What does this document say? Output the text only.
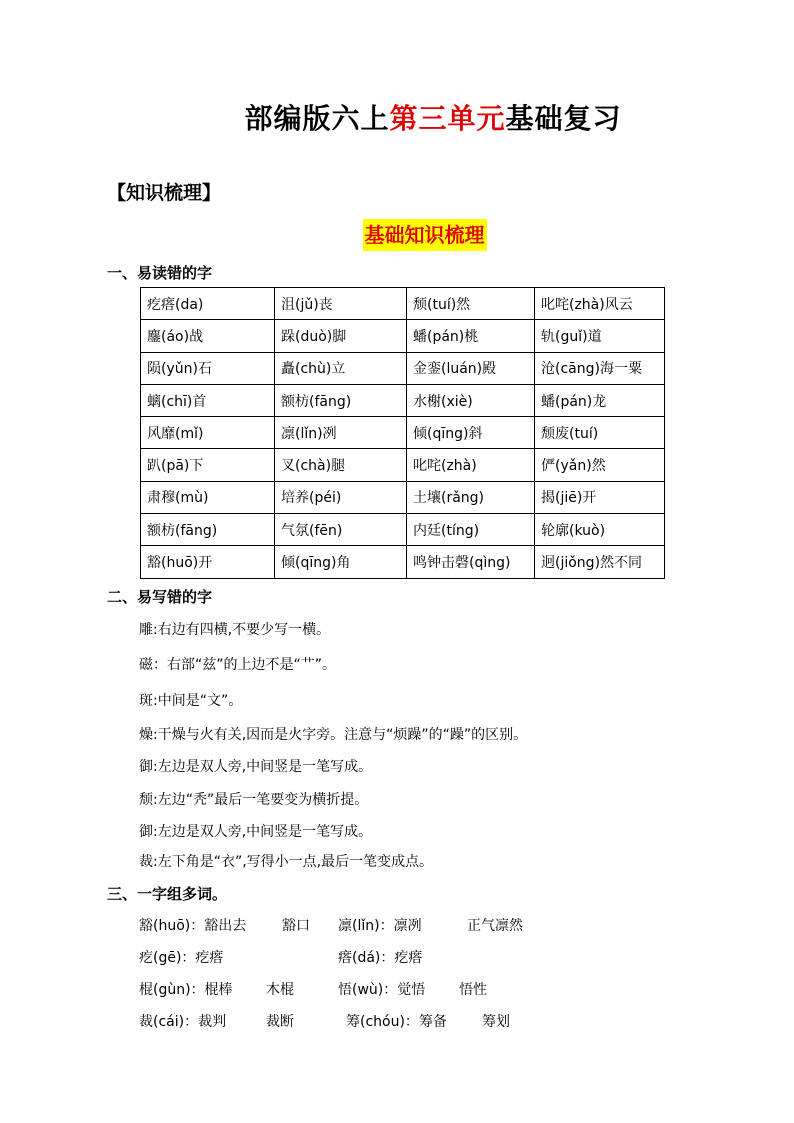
部编版六上第三单元基础复习
【知识梳理】
基础知识梳理
一、易读错的字
疙瘩(da)	沮(jǔ)丧	颓(tuí)然	叱咤(zhà)风云
鏖(áo)战	跺(duò)脚	蟠(pán)桃	轨(guǐ)道
陨(yǔn)石	矗(chù)立	金銮(luán)殿	沧(cāng)海一粟
螭(chī)首	额枋(fāng)	水榭(xiè)	蟠(pán)龙
风靡(mǐ)	凛(lǐn)冽	倾(qīng)斜	颓废(tuí)
趴(pā)下	叉(chà)腿	叱咤(zhà)	俨(yǎn)然
肃穆(mù)	培养(péi)	土壤(rǎng)	揭(jiē)开
额枋(fāng)	气氛(fēn)	内廷(tíng)	轮廓(kuò)
豁(huō)开	倾(qīng)角	鸣钟击磬(qìng)	迥(jiǒng)然不同
二、易写错的字
雕:右边有四横,不要少写一横。
磁：右部“兹”的上边不是“艹”。
斑:中间是“文”。
燥:干燥与火有关,因而是火字旁。注意与“烦躁”的“躁”的区别。
御:左边是双人旁,中间竖是一笔写成。
颓:左边“秃”最后一笔要变为横折提。
御:左边是双人旁,中间竖是一笔写成。
裁:左下角是“衣”,写得小一点,最后一笔变成点。
三、一字组多词。
豁(huō)：豁出去	豁口 凛(lǐn)：凛冽	正气凛然
疙(gē)：疙瘩	瘩(dá)：疙瘩
棍(gùn)：棍棒 木棍	悟(wù)：觉悟 悟性
裁(cái)：裁判	裁断	筹(chóu)：筹备	筹划
